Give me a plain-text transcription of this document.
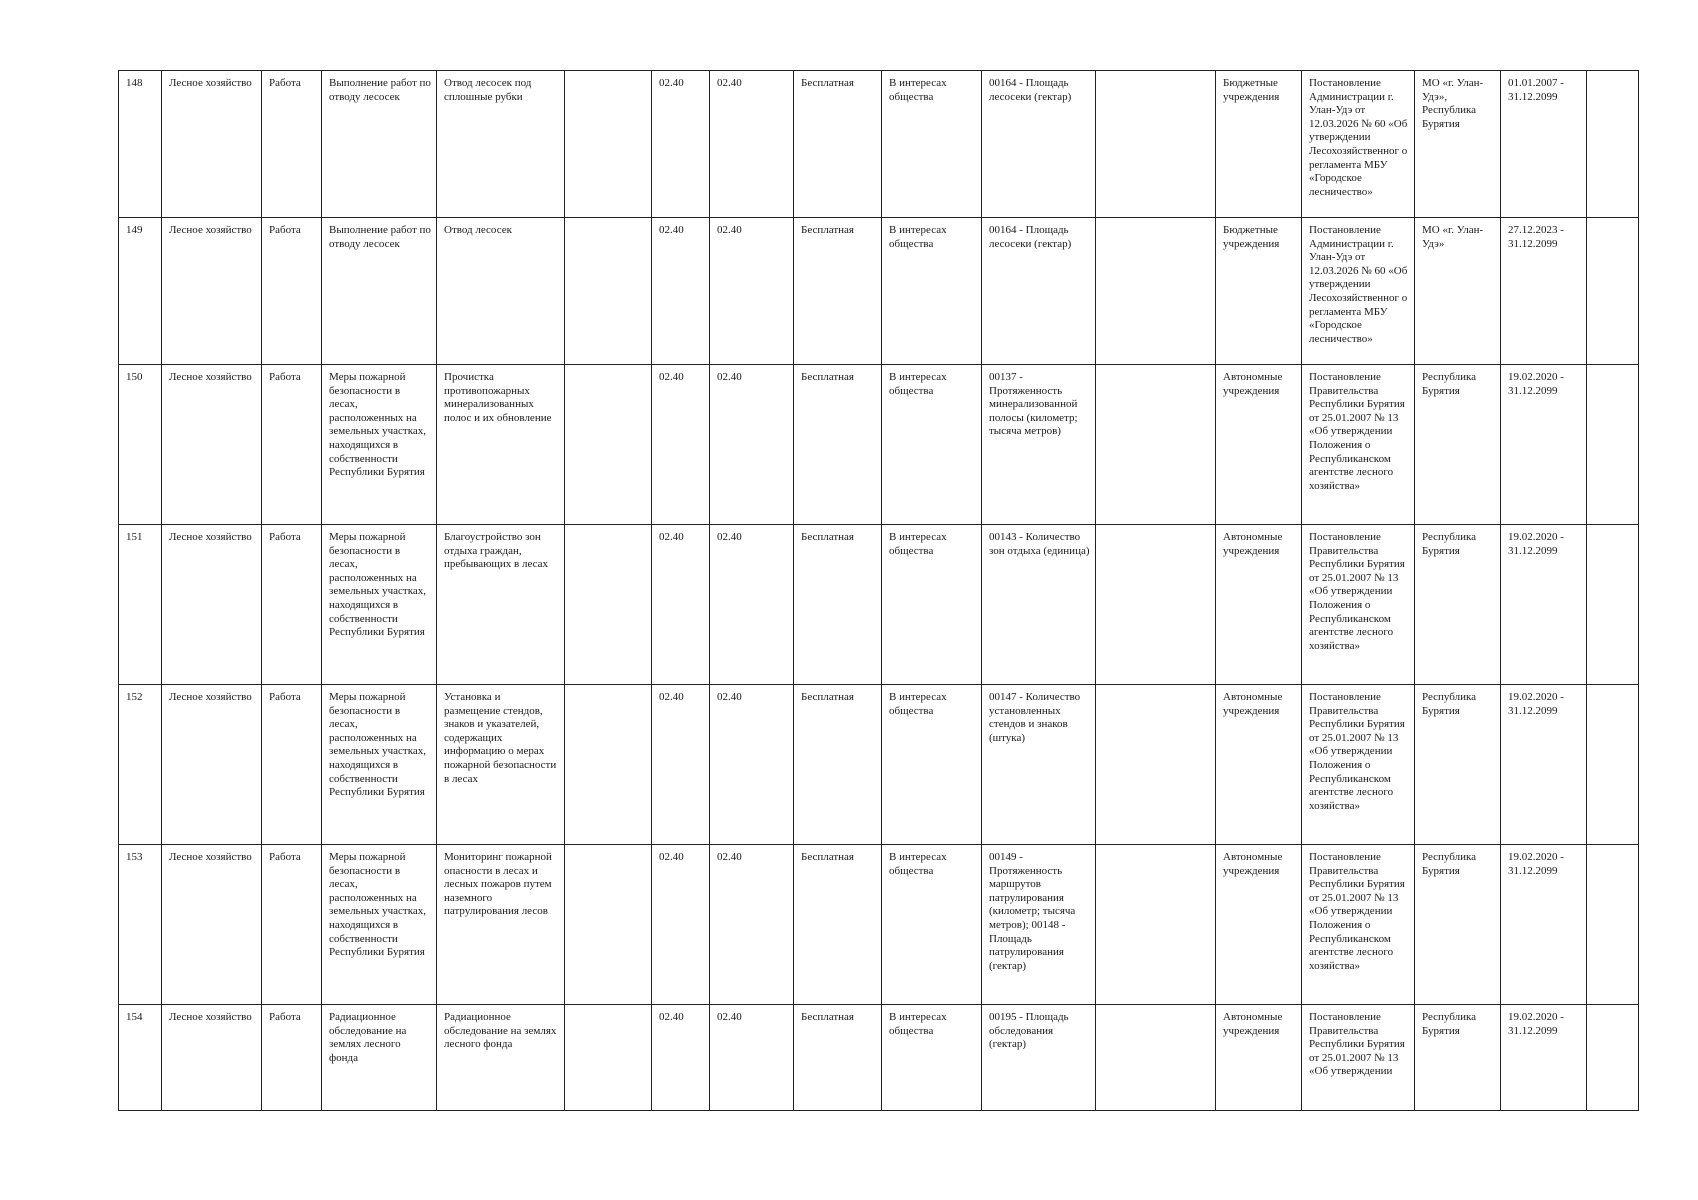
148	Лесное хозяйство	Работа	Выполнение работ по отводу лесосек	Отвод лесосек под сплошные рубки		02.40	02.40	Бесплатная	В интересах общества	00164 - Площадь лесосеки (гектар)		Бюджетные учреждения	Постановление Администрации г. Улан-Удэ от 12.03.2026 № 60 «Об утверждении Лесохозяйственног о регламента МБУ «Городское лесничество»	МО «г. Улан-Удэ», Республика Бурятия	01.01.2007 - 31.12.2099	
149	Лесное хозяйство	Работа	Выполнение работ по отводу лесосек	Отвод лесосек		02.40	02.40	Бесплатная	В интересах общества	00164 - Площадь лесосеки (гектар)		Бюджетные учреждения	Постановление Администрации г. Улан-Удэ от 12.03.2026 № 60 «Об утверждении Лесохозяйственног о регламента МБУ «Городское лесничество»	МО «г. Улан-Удэ»	27.12.2023 - 31.12.2099	
150	Лесное хозяйство	Работа	Меры пожарной безопасности в лесах, расположенных на земельных участках, находящихся в собственности Республики Бурятия	Прочистка противопожарных минерализованных полос и их обновление		02.40	02.40	Бесплатная	В интересах общества	00137 - Протяженность минерализованной полосы (километр; тысяча метров)		Автономные учреждения	Постановление Правительства Республики Бурятия от 25.01.2007 № 13 «Об утверждении Положения о Республиканском агентстве лесного хозяйства»	Республика Бурятия	19.02.2020 - 31.12.2099	
151	Лесное хозяйство	Работа	Меры пожарной безопасности в лесах, расположенных на земельных участках, находящихся в собственности Республики Бурятия	Благоустройство зон отдыха граждан, пребывающих в лесах		02.40	02.40	Бесплатная	В интересах общества	00143 - Количество зон отдыха (единица)		Автономные учреждения	Постановление Правительства Республики Бурятия от 25.01.2007 № 13 «Об утверждении Положения о Республиканском агентстве лесного хозяйства»	Республика Бурятия	19.02.2020 - 31.12.2099	
152	Лесное хозяйство	Работа	Меры пожарной безопасности в лесах, расположенных на земельных участках, находящихся в собственности Республики Бурятия	Установка и размещение стендов, знаков и указателей, содержащих информацию о мерах пожарной безопасности в лесах		02.40	02.40	Бесплатная	В интересах общества	00147 - Количество установленных стендов и знаков (штука)		Автономные учреждения	Постановление Правительства Республики Бурятия от 25.01.2007 № 13 «Об утверждении Положения о Республиканском агентстве лесного хозяйства»	Республика Бурятия	19.02.2020 - 31.12.2099	
153	Лесное хозяйство	Работа	Меры пожарной безопасности в лесах, расположенных на земельных участках, находящихся в собственности Республики Бурятия	Мониторинг пожарной опасности в лесах и лесных пожаров путем наземного патрулирования лесов		02.40	02.40	Бесплатная	В интересах общества	00149 - Протяженность маршрутов патрулирования (километр; тысяча метров); 00148 - Площадь патрулирования (гектар)		Автономные учреждения	Постановление Правительства Республики Бурятия от 25.01.2007 № 13 «Об утверждении Положения о Республиканском агентстве лесного хозяйства»	Республика Бурятия	19.02.2020 - 31.12.2099	
154	Лесное хозяйство	Работа	Радиационное обследование на землях лесного фонда	Радиационное обследование на землях лесного фонда		02.40	02.40	Бесплатная	В интересах общества	00195 - Площадь обследования (гектар)		Автономные учреждения	Постановление Правительства Республики Бурятия от 25.01.2007 № 13 «Об утверждении	Республика Бурятия	19.02.2020 - 31.12.2099	
